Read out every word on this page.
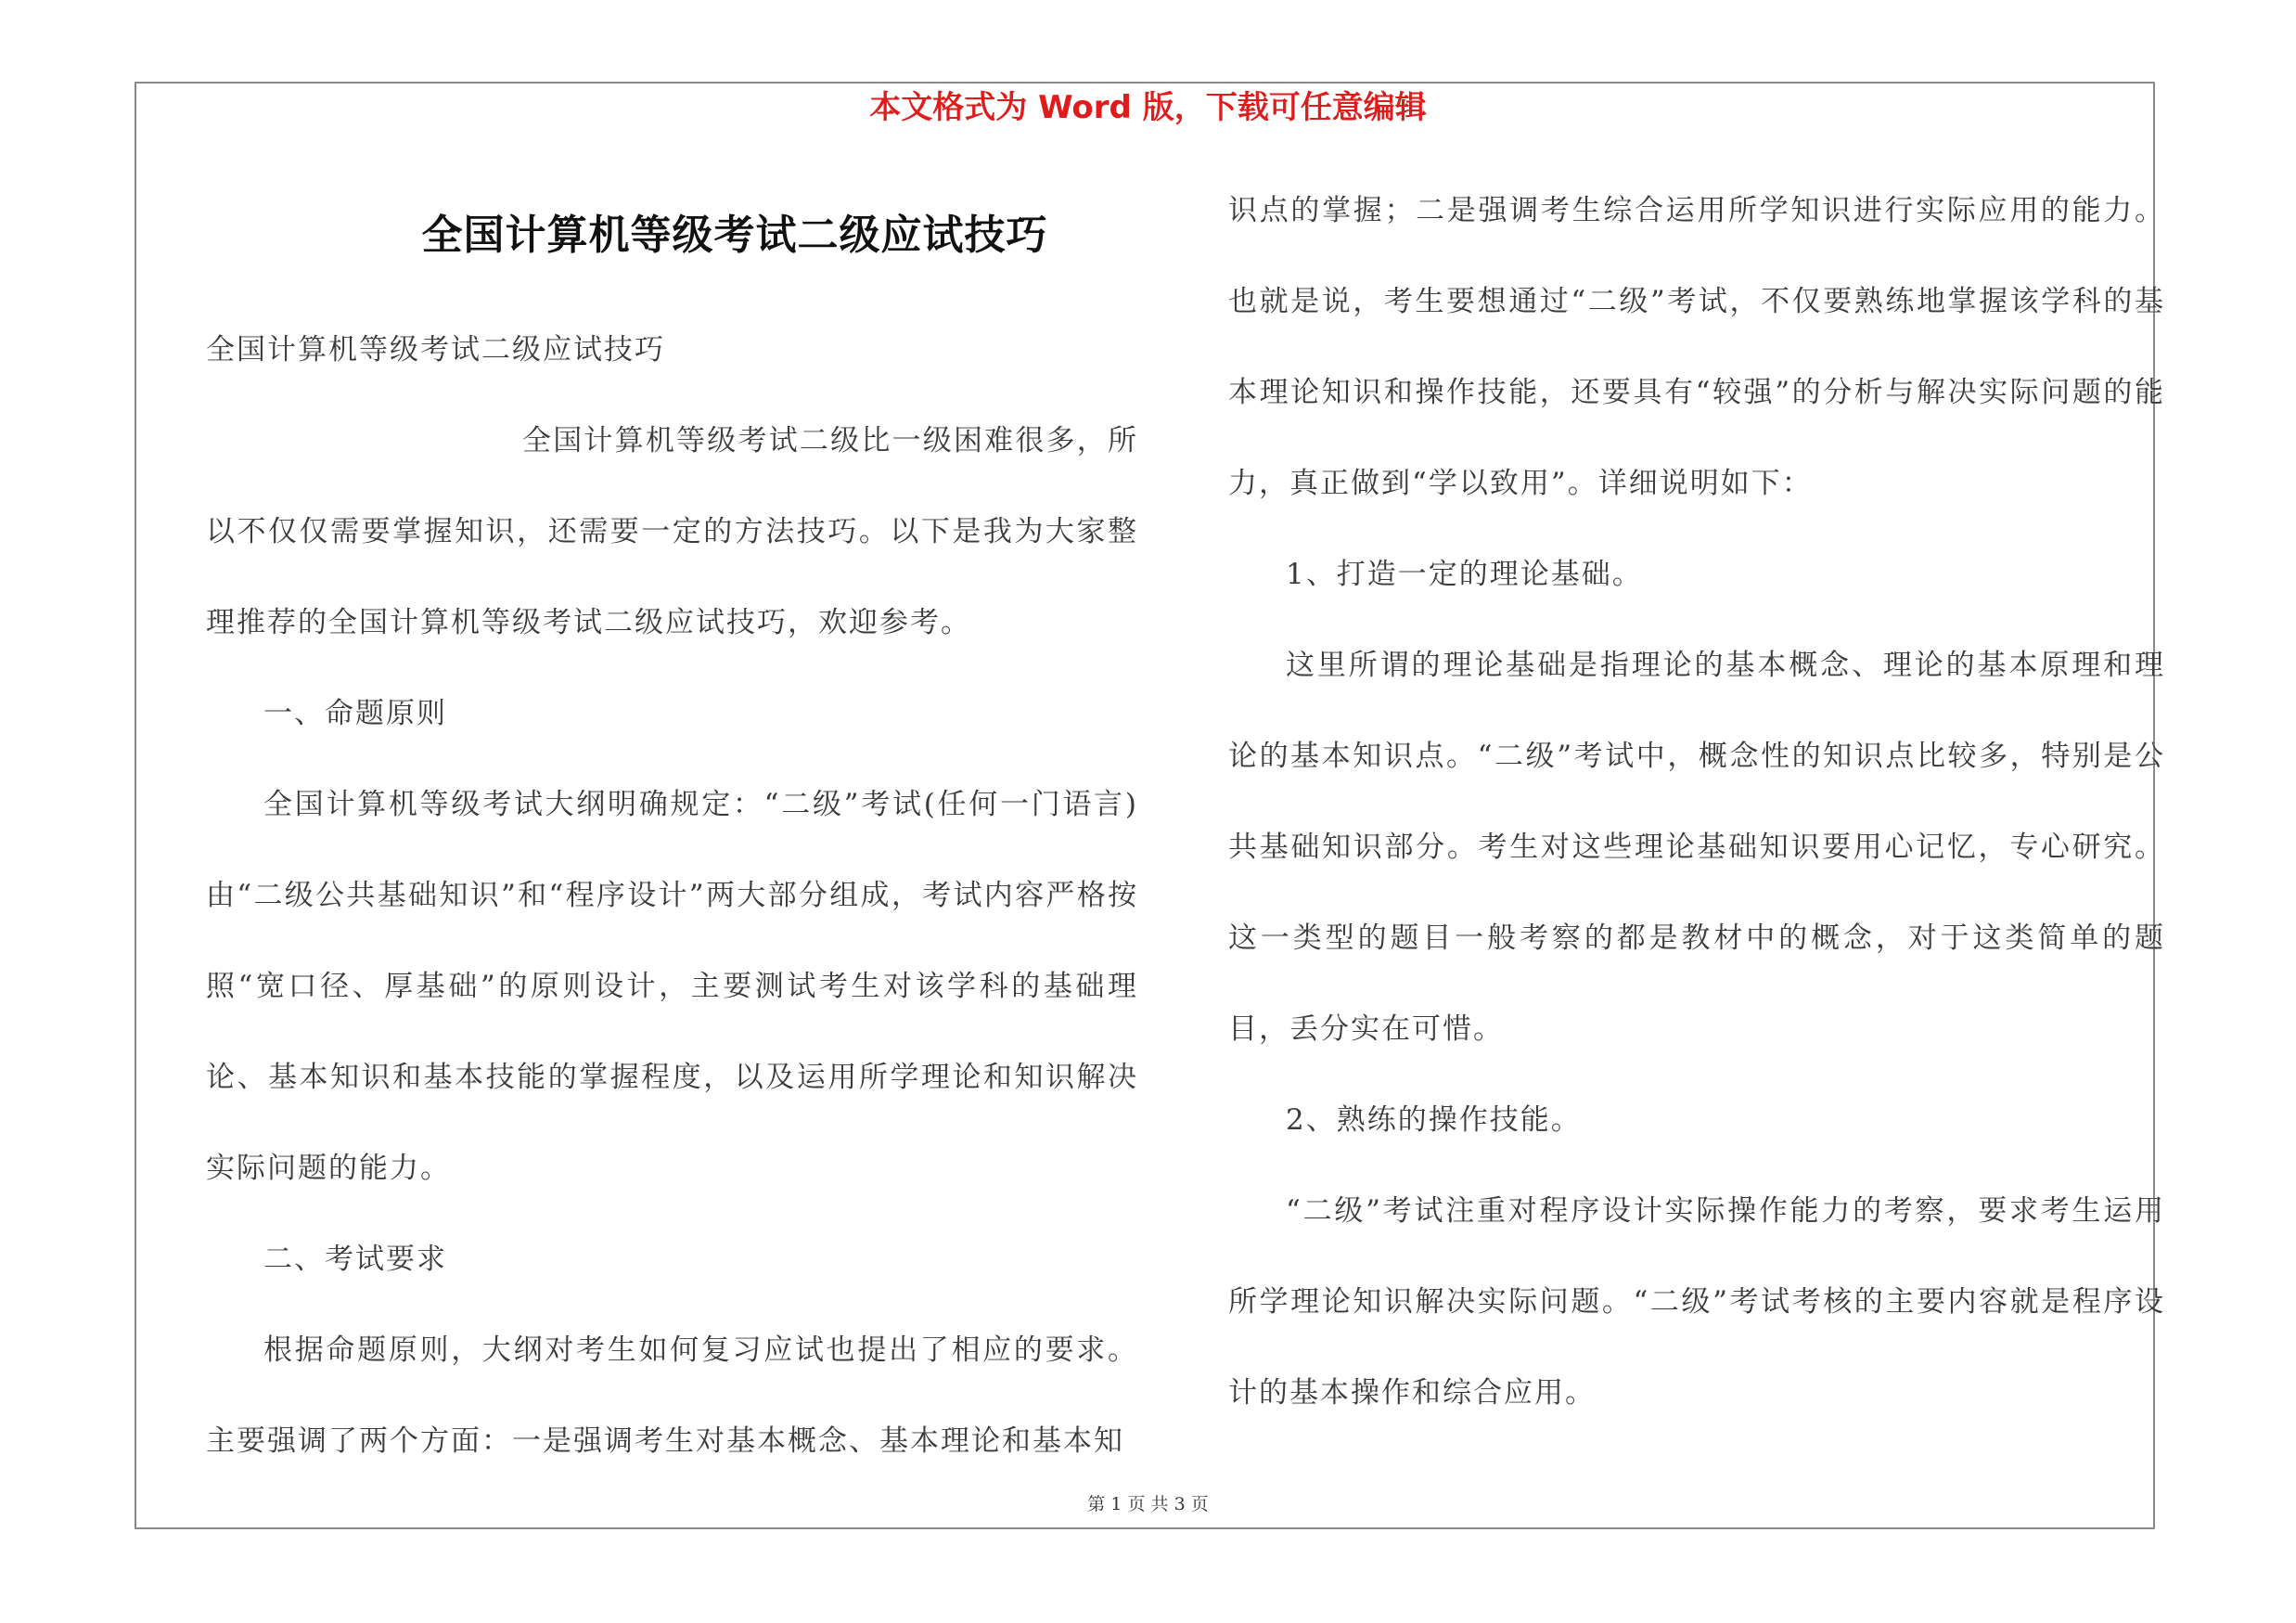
本文格式为 Word 版，下载可任意编辑
全国计算机等级考试二级应试技巧

全国计算机等级考试二级应试技巧

全国计算机等级考试二级比一级困难很多，所以不仅仅需要掌握知识，还需要一定的方法技巧。以下是我为大家整理推荐的全国计算机等级考试二级应试技巧，欢迎参考。

一、命题原则

全国计算机等级考试大纲明确规定：“二级”考试(任何一门语言)由“二级公共基础知识”和“程序设计”两大部分组成，考试内容严格按照“宽口径、厚基础”的原则设计，主要测试考生对该学科的基础理论、基本知识和基本技能的掌握程度，以及运用所学理论和知识解决实际问题的能力。

二、考试要求

根据命题原则，大纲对考生如何复习应试也提出了相应的要求。主要强调了两个方面：一是强调考生对基本概念、基本理论和基本知

识点的掌握；二是强调考生综合运用所学知识进行实际应用的能力。也就是说，考生要想通过“二级”考试，不仅要熟练地掌握该学科的基本理论知识和操作技能，还要具有“较强”的分析与解决实际问题的能力，真正做到“学以致用”。详细说明如下：

1、打造一定的理论基础。

这里所谓的理论基础是指理论的基本概念、理论的基本原理和理论的基本知识点。“二级”考试中，概念性的知识点比较多，特别是公共基础知识部分。考生对这些理论基础知识要用心记忆，专心研究。这一类型的题目一般考察的都是教材中的概念，对于这类简单的题目，丢分实在可惜。

2、熟练的操作技能。

“二级”考试注重对程序设计实际操作能力的考察，要求考生运用所学理论知识解决实际问题。“二级”考试考核的主要内容就是程序设计的基本操作和综合应用。

第 1 页 共 3 页
